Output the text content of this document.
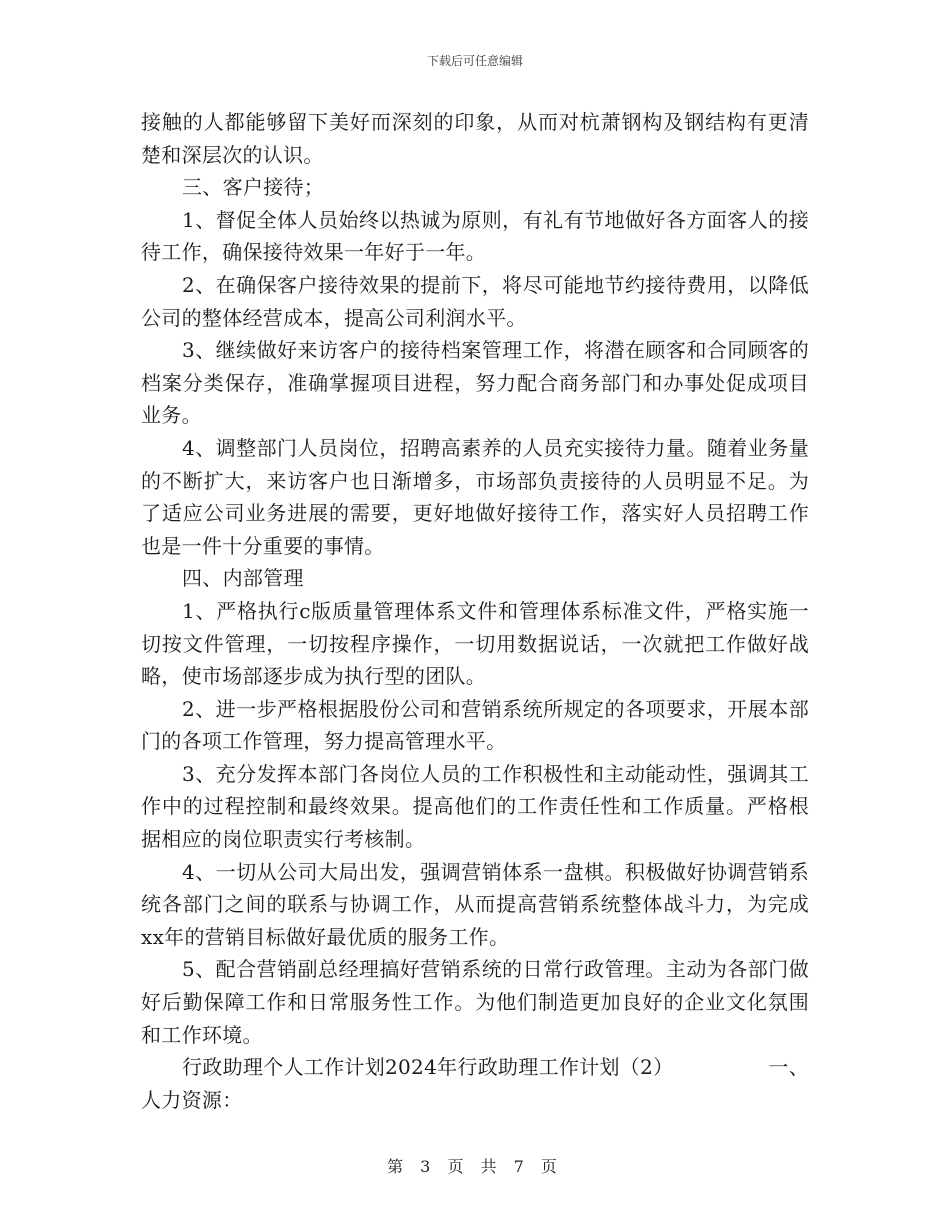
下载后可任意编辑

接触的人都能够留下美好而深刻的印象，从而对杭萧钢构及钢结构有更清楚和深层次的认识。

三、客户接待；

1、督促全体人员始终以热诚为原则，有礼有节地做好各方面客人的接待工作，确保接待效果一年好于一年。

2、在确保客户接待效果的提前下，将尽可能地节约接待费用，以降低公司的整体经营成本，提高公司利润水平。

3、继续做好来访客户的接待档案管理工作，将潜在顾客和合同顾客的档案分类保存，准确掌握项目进程，努力配合商务部门和办事处促成项目业务。

4、调整部门人员岗位，招聘高素养的人员充实接待力量。随着业务量的不断扩大，来访客户也日渐增多，市场部负责接待的人员明显不足。为了适应公司业务进展的需要，更好地做好接待工作，落实好人员招聘工作也是一件十分重要的事情。

四、内部管理

1、严格执行c版质量管理体系文件和管理体系标准文件，严格实施一切按文件管理，一切按程序操作，一切用数据说话，一次就把工作做好战略，使市场部逐步成为执行型的团队。

2、进一步严格根据股份公司和营销系统所规定的各项要求，开展本部门的各项工作管理，努力提高管理水平。

3、充分发挥本部门各岗位人员的工作积极性和主动能动性，强调其工作中的过程控制和最终效果。提高他们的工作责任性和工作质量。严格根据相应的岗位职责实行考核制。

4、一切从公司大局出发，强调营销体系一盘棋。积极做好协调营销系统各部门之间的联系与协调工作，从而提高营销系统整体战斗力，为完成xx年的营销目标做好最优质的服务工作。

5、配合营销副总经理搞好营销系统的日常行政管理。主动为各部门做好后勤保障工作和日常服务性工作。为他们制造更加良好的企业文化氛围和工作环境。

行政助理个人工作计划2024年行政助理工作计划（2）	一、

人力资源：

第 3 页 共 7 页
